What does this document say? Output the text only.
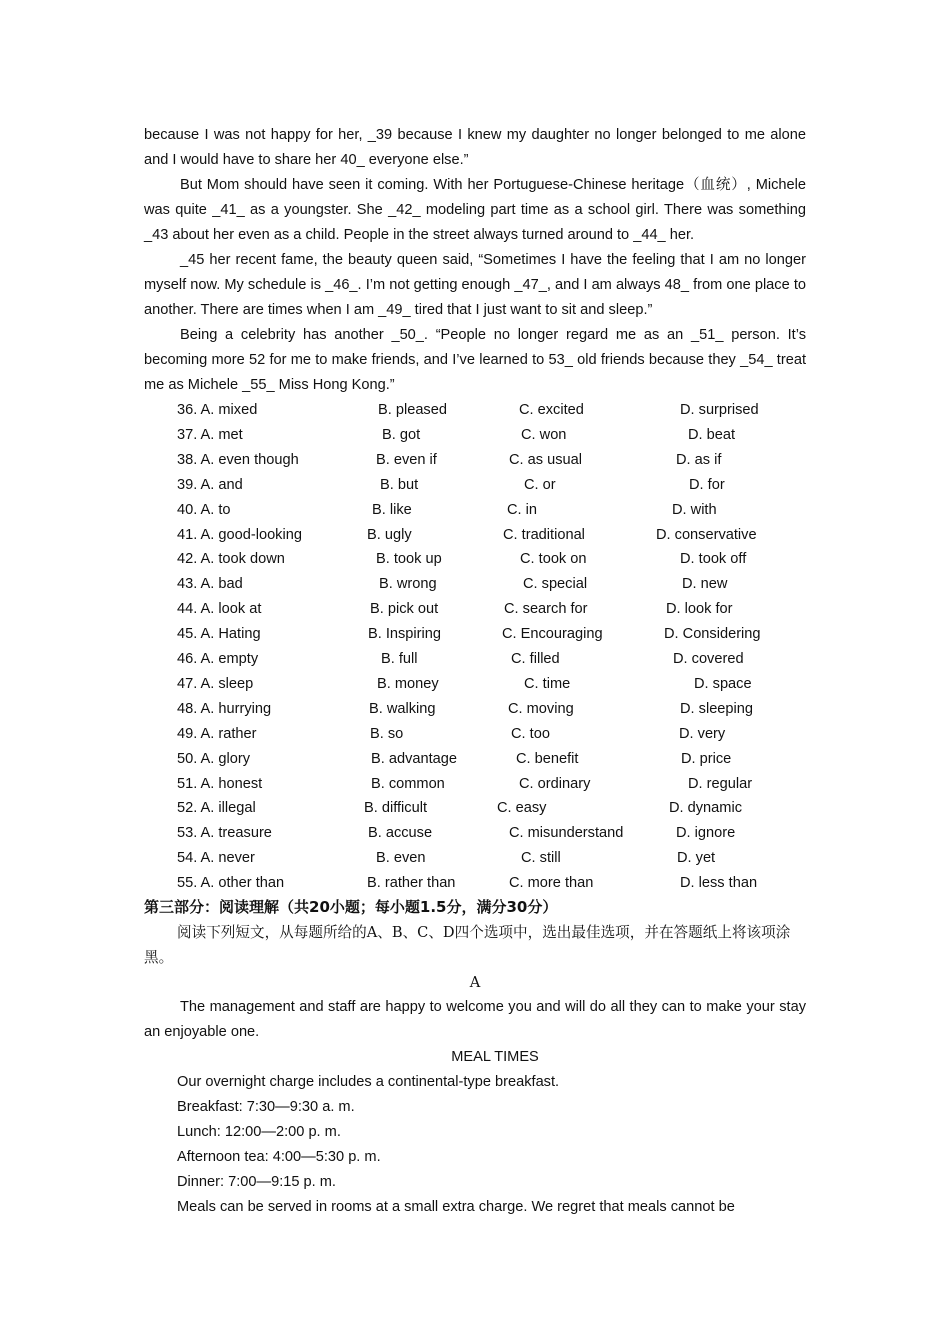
because I was not happy for her, _39 because I knew my daughter no longer belonged to me alone and I would have to share her 40_ everyone else.”

But Mom should have seen it coming. With her Portuguese-Chinese heritage（血统）, Michele was quite _41_ as a youngster. She _42_ modeling part time as a school girl. There was something _43 about her even as a child. People in the street always turned around to _44_ her.

_45 her recent fame, the beauty queen said, “Sometimes I have the feeling that I am no longer myself now. My schedule is _46_. I’m not getting enough _47_, and I am always 48_ from one place to another. There are times when I am _49_ tired that I just want to sit and sleep.”

Being a celebrity has another _50_. “People no longer regard me as an _51_ person. It’s becoming more 52 for me to make friends, and I’ve learned to 53_ old friends because they _54_ treat me as Michele _55_ Miss Hong Kong.”

36. A. mixed	B. pleased	C. excited	D. surprised
37. A. met	B. got	C. won	D. beat
38. A. even though	B. even if	C. as usual	D. as if
39. A. and	B. but	C. or	D. for
40. A. to	B. like	C. in	D. with
41. A. good-looking	B. ugly	C. traditional	D. conservative
42. A. took down	B. took up	C. took on	D. took off
43. A. bad	B. wrong	C. special	D. new
44. A. look at	B. pick out	C. search for	D. look for
45. A. Hating	B. Inspiring	C. Encouraging	D. Considering
46. A. empty	B. full	C. filled	D. covered
47. A. sleep	B. money	C. time	D. space
48. A. hurrying	B. walking	C. moving	D. sleeping
49. A. rather	B. so	C. too	D. very
50. A. glory	B. advantage	C. benefit	D. price
51. A. honest	B. common	C. ordinary	D. regular
52. A. illegal	B. difficult	C. easy	D. dynamic
53. A. treasure	B. accuse	C. misunderstand	D. ignore
54. A. never	B. even	C. still	D. yet
55. A. other than	B. rather than	C. more than	D. less than
第三部分：阅读理解（共20小题；每小题1.5分，满分30分）

阅读下列短文，从每题所给的A、B、C、D四个选项中，选出最佳选项，并在答题纸上将该项涂黑。

A

The management and staff are happy to welcome you and will do all they can to make your stay an enjoyable one.

MEAL TIMES
Our overnight charge includes a continental-type breakfast.
Breakfast: 7:30—9:30 a. m.
Lunch: 12:00—2:00 p. m.
Afternoon tea: 4:00—5:30 p. m.
Dinner: 7:00—9:15 p. m.
Meals can be served in rooms at a small extra charge. We regret that meals cannot be
